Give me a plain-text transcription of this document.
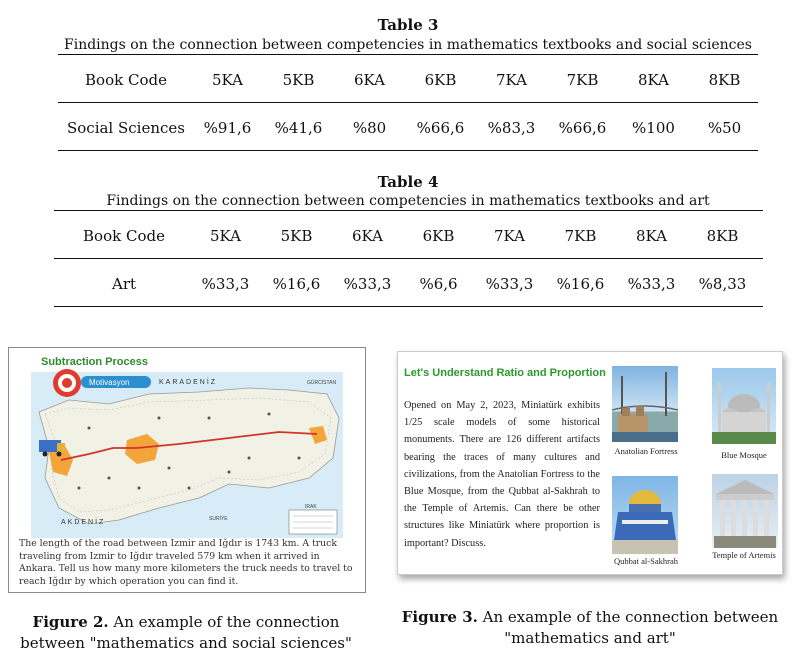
Table 3
Findings on the connection between competencies in mathematics textbooks and social sciences
Book Code	5KA	5KB	6KA	6KB	7KA	7KB	8KA	8KB
Social Sciences	%91,6	%41,6	%80	%66,6	%83,3	%66,6	%100	%50
Table 4
Findings on the connection between competencies in mathematics textbooks and art
Book Code	5KA	5KB	6KA	6KB	7KA	7KB	8KA	8KB
Art	%33,3	%16,6	%33,3	%6,6	%33,3	%16,6	%33,3	%8,33
Subtraction Process
Motivasyon	KARADENİZ	GÜRCİSTAN
AKDENİZ	SURİYE
IRAK
The length of the road between Izmir and Iğdır is 1743 km. A truck traveling from Izmir to Iğdır traveled 579 km when it arrived in Ankara. Tell us how many more kilometers the truck needs to travel to reach Iğdır by which operation you can find it.
Figure 2. An example of the connection between "mathematics and social sciences"
Let's Understand Ratio and Proportion
Opened on May 2, 2023, Miniatürk exhibits 1/25 scale models of some historical monuments. There are 126 different artifacts bearing the traces of many cultures and civilizations, from the Anatolian Fortress to the Blue Mosque, from the Qubbat al-Sakhrah to the Temple of Artemis. Can there be other structures like Miniatürk where proportion is important? Discuss.
Anatolian Fortress	Blue Mosque
Qubbat al-Sakhrah
Temple of Artemis
Figure 3. An example of the connection between "mathematics and art"
